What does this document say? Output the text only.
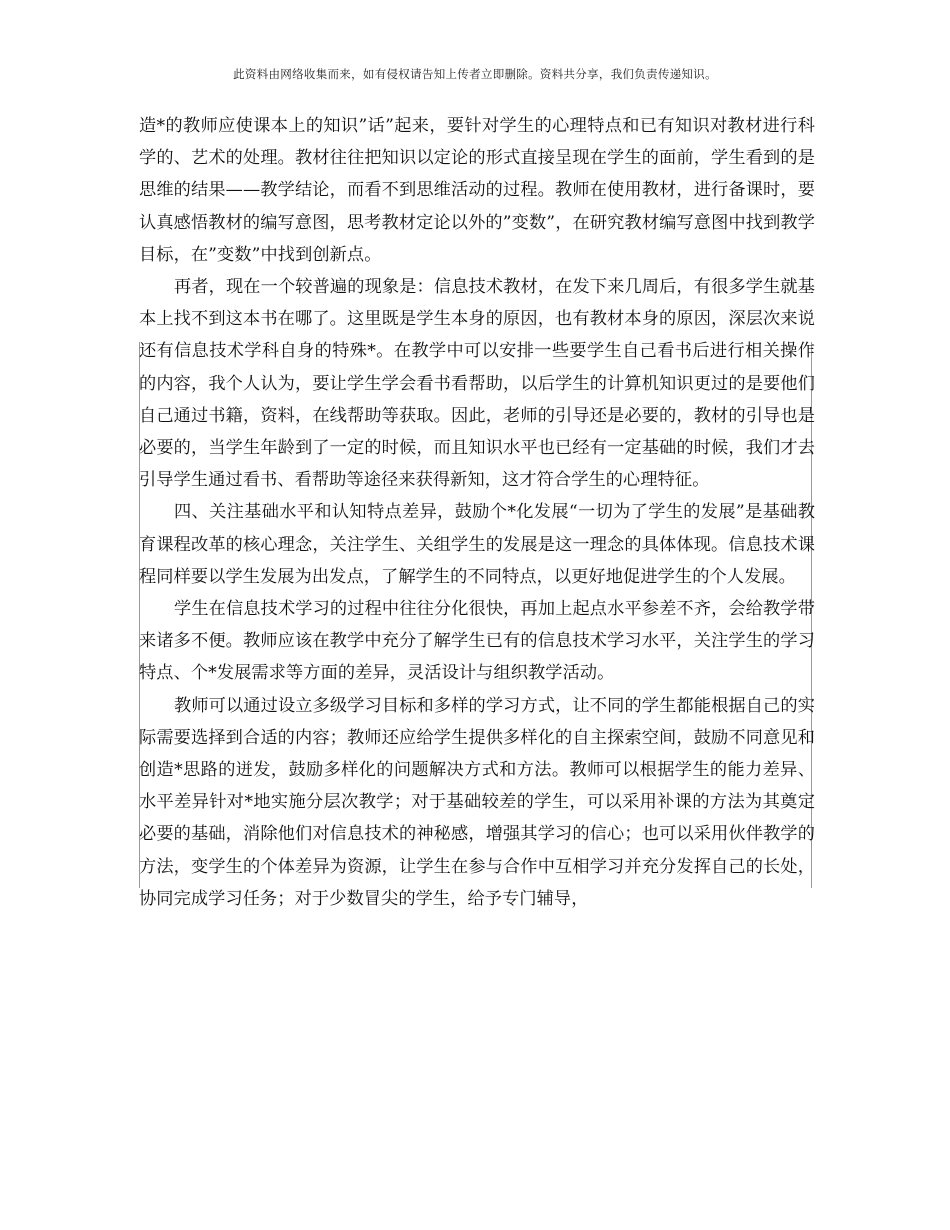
此资料由网络收集而来，如有侵权请告知上传者立即删除。资料共分享，我们负责传递知识。

造*的教师应使课本上的知识”话”起来，要针对学生的心理特点和已有知识对教材进行科学的、艺术的处理。教材往往把知识以定论的形式直接呈现在学生的面前，学生看到的是思维的结果——教学结论，而看不到思维活动的过程。教师在使用教材，进行备课时，要认真感悟教材的编写意图，思考教材定论以外的”变数”，在研究教材编写意图中找到教学目标，在”变数”中找到创新点。

再者，现在一个较普遍的现象是：信息技术教材，在发下来几周后，有很多学生就基本上找不到这本书在哪了。这里既是学生本身的原因，也有教材本身的原因，深层次来说还有信息技术学科自身的特殊*。在教学中可以安排一些要学生自己看书后进行相关操作的内容，我个人认为，要让学生学会看书看帮助，以后学生的计算机知识更过的是要他们自己通过书籍，资料，在线帮助等获取。因此，老师的引导还是必要的，教材的引导也是必要的，当学生年龄到了一定的时候，而且知识水平也已经有一定基础的时候，我们才去引导学生通过看书、看帮助等途径来获得新知，这才符合学生的心理特征。

四、关注基础水平和认知特点差异，鼓励个*化发展“一切为了学生的发展”是基础教育课程改革的核心理念，关注学生、关组学生的发展是这一理念的具体体现。信息技术课程同样要以学生发展为出发点，了解学生的不同特点，以更好地促进学生的个人发展。

学生在信息技术学习的过程中往往分化很快，再加上起点水平参差不齐，会给教学带来诸多不便。教师应该在教学中充分了解学生已有的信息技术学习水平，关注学生的学习特点、个*发展需求等方面的差异，灵活设计与组织教学活动。

教师可以通过设立多级学习目标和多样的学习方式，让不同的学生都能根据自己的实际需要选择到合适的内容；教师还应给学生提供多样化的自主探索空间，鼓励不同意见和创造*思路的迸发，鼓励多样化的问题解决方式和方法。教师可以根据学生的能力差异、水平差异针对*地实施分层次教学；对于基础较差的学生，可以采用补课的方法为其奠定必要的基础，消除他们对信息技术的神秘感，增强其学习的信心；也可以采用伙伴教学的方法，变学生的个体差异为资源，让学生在参与合作中互相学习并充分发挥自己的长处，协同完成学习任务；对于少数冒尖的学生，给予专门辅导，
